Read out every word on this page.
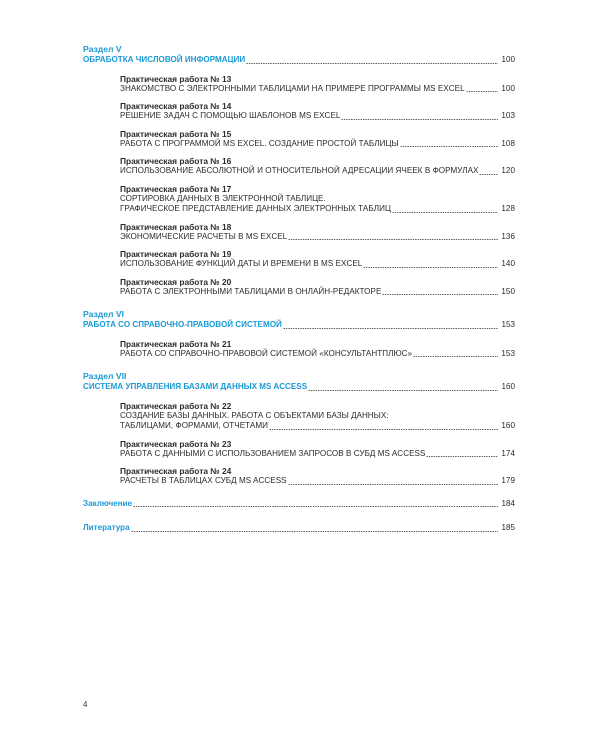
Раздел V
ОБРАБОТКА ЧИСЛОВОЙ ИНФОРМАЦИИ	100
Практическая работа № 13
ЗНАКОМСТВО С ЭЛЕКТРОННЫМИ ТАБЛИЦАМИ НА ПРИМЕРЕ ПРОГРАММЫ MS EXCEL	100
Практическая работа № 14
РЕШЕНИЕ ЗАДАЧ С ПОМОЩЬЮ ШАБЛОНОВ MS EXCEL	103
Практическая работа № 15
РАБОТА С ПРОГРАММОЙ MS EXCEL. СОЗДАНИЕ ПРОСТОЙ ТАБЛИЦЫ	108
Практическая работа № 16
ИСПОЛЬЗОВАНИЕ АБСОЛЮТНОЙ И ОТНОСИТЕЛЬНОЙ АДРЕСАЦИИ ЯЧЕЕК В ФОРМУЛАХ	120
Практическая работа № 17
СОРТИРОВКА ДАННЫХ В ЭЛЕКТРОННОЙ ТАБЛИЦЕ.
ГРАФИЧЕСКОЕ ПРЕДСТАВЛЕНИЕ ДАННЫХ ЭЛЕКТРОННЫХ ТАБЛИЦ	128
Практическая работа № 18
ЭКОНОМИЧЕСКИЕ РАСЧЕТЫ В MS EXCEL	136
Практическая работа № 19
ИСПОЛЬЗОВАНИЕ ФУНКЦИЙ ДАТЫ И ВРЕМЕНИ В MS EXCEL	140
Практическая работа № 20
РАБОТА С ЭЛЕКТРОННЫМИ ТАБЛИЦАМИ В ОНЛАЙН-РЕДАКТОРЕ	150
Раздел VI
РАБОТА СО СПРАВОЧНО-ПРАВОВОЙ СИСТЕМОЙ	153
Практическая работа № 21
РАБОТА СО СПРАВОЧНО-ПРАВОВОЙ СИСТЕМОЙ «КОНСУЛЬТАНТПЛЮС»	153
Раздел VII
СИСТЕМА УПРАВЛЕНИЯ БАЗАМИ ДАННЫХ MS ACCESS	160
Практическая работа № 22
СОЗДАНИЕ БАЗЫ ДАННЫХ. РАБОТА С ОБЪЕКТАМИ БАЗЫ ДАННЫХ:
ТАБЛИЦАМИ, ФОРМАМИ, ОТЧЕТАМИ	160
Практическая работа № 23
РАБОТА С ДАННЫМИ С ИСПОЛЬЗОВАНИЕМ ЗАПРОСОВ В СУБД MS ACCESS	174
Практическая работа № 24
РАСЧЕТЫ В ТАБЛИЦАХ СУБД MS ACCESS	179
Заключение	184
Литература	185
4
